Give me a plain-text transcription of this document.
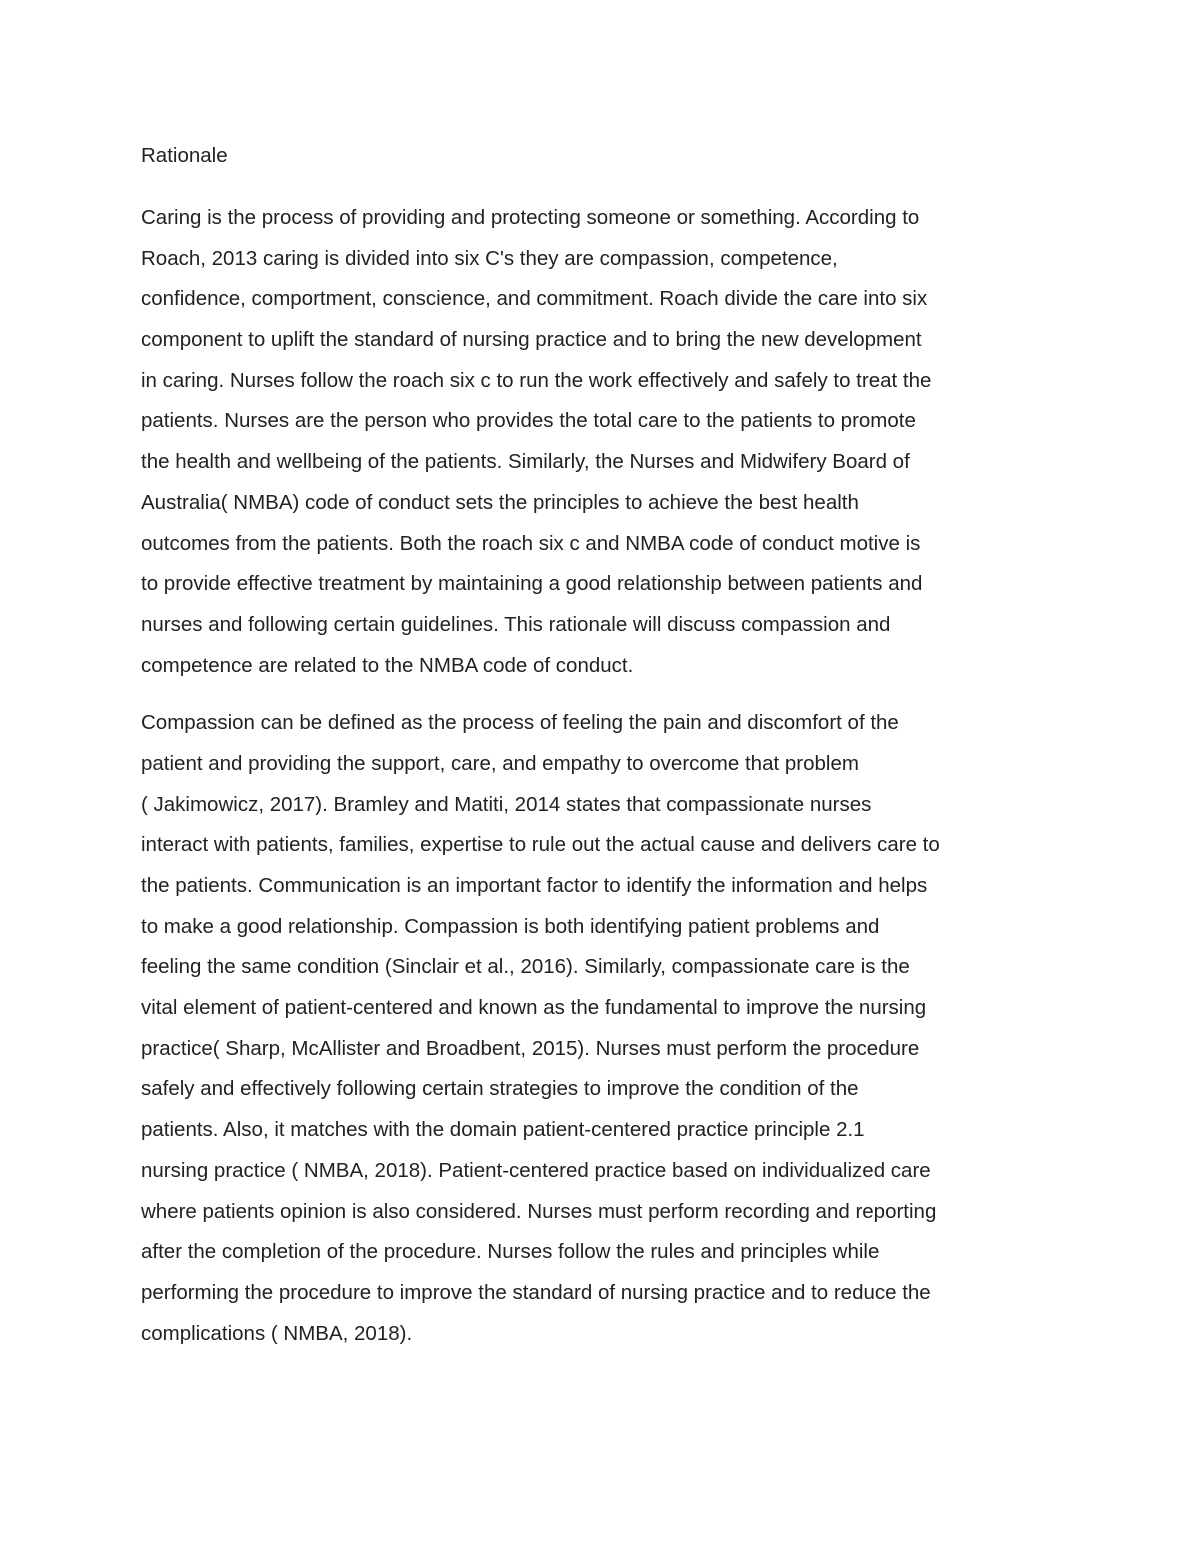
Rationale
Caring is the process of providing and protecting someone or something. According to
Roach, 2013 caring is divided into six C's they are compassion, competence,
confidence, comportment, conscience, and commitment. Roach divide the care into six
component to uplift the standard of nursing practice and to bring the new development
in caring. Nurses follow the roach six c to run the work effectively and safely to treat the
patients. Nurses are the person who provides the total care to the patients to promote
the health and wellbeing of the patients. Similarly, the Nurses and Midwifery Board of
Australia( NMBA) code of conduct sets the principles to achieve the best health
outcomes from the patients. Both the roach six c and NMBA code of conduct motive is
to provide effective treatment by maintaining a good relationship between patients and
nurses and following certain guidelines. This rationale will discuss compassion and
competence are related to the NMBA code of conduct.
Compassion can be defined as the process of feeling the pain and discomfort of the
patient and providing the support, care, and empathy to overcome that problem
( Jakimowicz, 2017). Bramley and Matiti, 2014 states that compassionate nurses
interact with patients, families, expertise to rule out the actual cause and delivers care to
the patients. Communication is an important factor to identify the information and helps
to make a good relationship. Compassion is both identifying patient problems and
feeling the same condition (Sinclair et al., 2016). Similarly, compassionate care is the
vital element of patient-centered and known as the fundamental to improve the nursing
practice( Sharp, McAllister and Broadbent, 2015). Nurses must perform the procedure
safely and effectively following certain strategies to improve the condition of the
patients. Also, it matches with the domain patient-centered practice principle 2.1
nursing practice ( NMBA, 2018). Patient-centered practice based on individualized care
where patients opinion is also considered. Nurses must perform recording and reporting
after the completion of the procedure. Nurses follow the rules and principles while
performing the procedure to improve the standard of nursing practice and to reduce the
complications ( NMBA, 2018).
